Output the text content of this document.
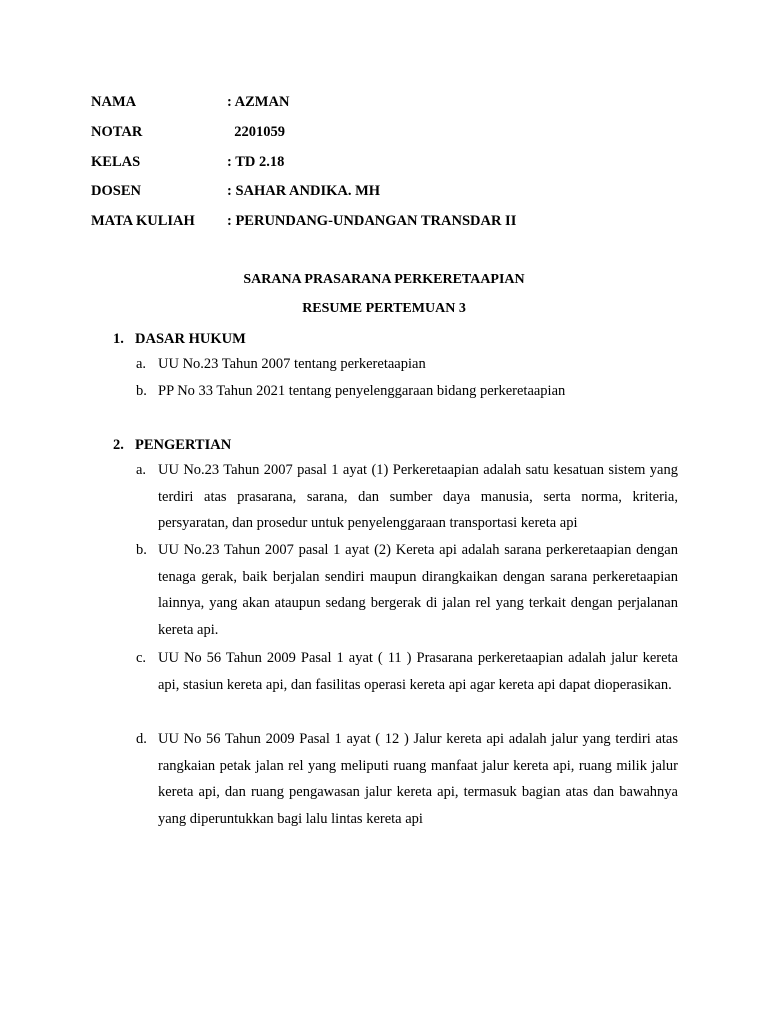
NAMA	: AZMAN
NOTAR	2201059
KELAS	: TD 2.18
DOSEN	: SAHAR ANDIKA. MH
MATA KULIAH : PERUNDANG-UNDANGAN TRANSDAR II
SARANA PRASARANA PERKERETAAPIAN
RESUME PERTEMUAN 3
1. DASAR HUKUM
a. UU No.23 Tahun 2007 tentang perkeretaapian
b. PP No 33 Tahun 2021 tentang penyelenggaraan bidang perkeretaapian
2. PENGERTIAN
a. UU No.23 Tahun 2007 pasal 1 ayat (1) Perkeretaapian adalah satu kesatuan sistem yang terdiri atas prasarana, sarana, dan sumber daya manusia, serta norma, kriteria, persyaratan, dan prosedur untuk penyelenggaraan transportasi kereta api
b. UU No.23 Tahun 2007 pasal 1 ayat (2) Kereta api adalah sarana perkeretaapian dengan tenaga gerak, baik berjalan sendiri maupun dirangkaikan dengan sarana perkeretaapian lainnya, yang akan ataupun sedang bergerak di jalan rel yang terkait dengan perjalanan kereta api.
c. UU No 56 Tahun 2009 Pasal 1 ayat ( 11 ) Prasarana perkeretaapian adalah jalur kereta api, stasiun kereta api, dan fasilitas operasi kereta api agar kereta api dapat dioperasikan.
d. UU No 56 Tahun 2009 Pasal 1 ayat ( 12 ) Jalur kereta api adalah jalur yang terdiri atas rangkaian petak jalan rel yang meliputi ruang manfaat jalur kereta api, ruang milik jalur kereta api, dan ruang pengawasan jalur kereta api, termasuk bagian atas dan bawahnya yang diperuntukkan bagi lalu lintas kereta api
